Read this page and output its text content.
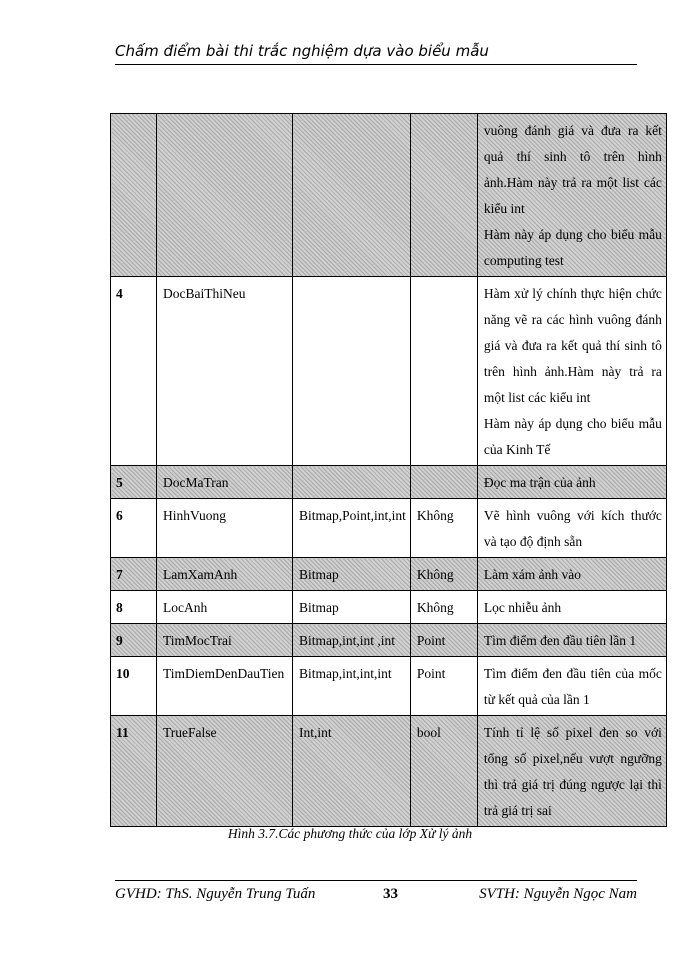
Chấm điểm bài thi trắc nghiệm dựa vào biểu mẫu
				vuông đánh giá và đưa ra kết quả thí sinh tô trên hình ảnh.Hàm này trả ra một list các kiểu int
Hàm này áp dụng cho biểu mẫu computing test
4	DocBaiThiNeu			Hàm xử lý chính thực hiện chức năng vẽ ra các hình vuông đánh giá và đưa ra kết quả thí sinh tô trên hình ảnh.Hàm này trả ra một list các kiểu int
Hàm này áp dụng cho biểu mẫu của Kinh Tế
5	DocMaTran			Đọc ma trận của ảnh
6	HinhVuong	Bitmap,Point,int,int	Không	Vẽ hình vuông với kích thước và tạo độ định sẵn
7	LamXamAnh	Bitmap	Không	Làm xám ảnh vào
8	LocAnh	Bitmap	Không	Lọc nhiễu ảnh
9	TimMocTrai	Bitmap,int,int ,int	Point	Tìm điểm đen đầu tiên lần 1
10	TimDiemDenDauTien	Bitmap,int,int,int	Point	Tìm điểm đen đầu tiên của mốc từ kết quả của lần 1
11	TrueFalse	Int,int	bool	Tính tỉ lệ số pixel đen so với tổng số pixel,nếu vượt ngưỡng thì trả giá trị đúng ngược lại thì trả giá trị sai
Hình 3.7.Các phương thức của lớp Xử lý ảnh
GVHD: ThS. Nguyễn Trung Tuấn	33	SVTH: Nguyễn Ngọc Nam
